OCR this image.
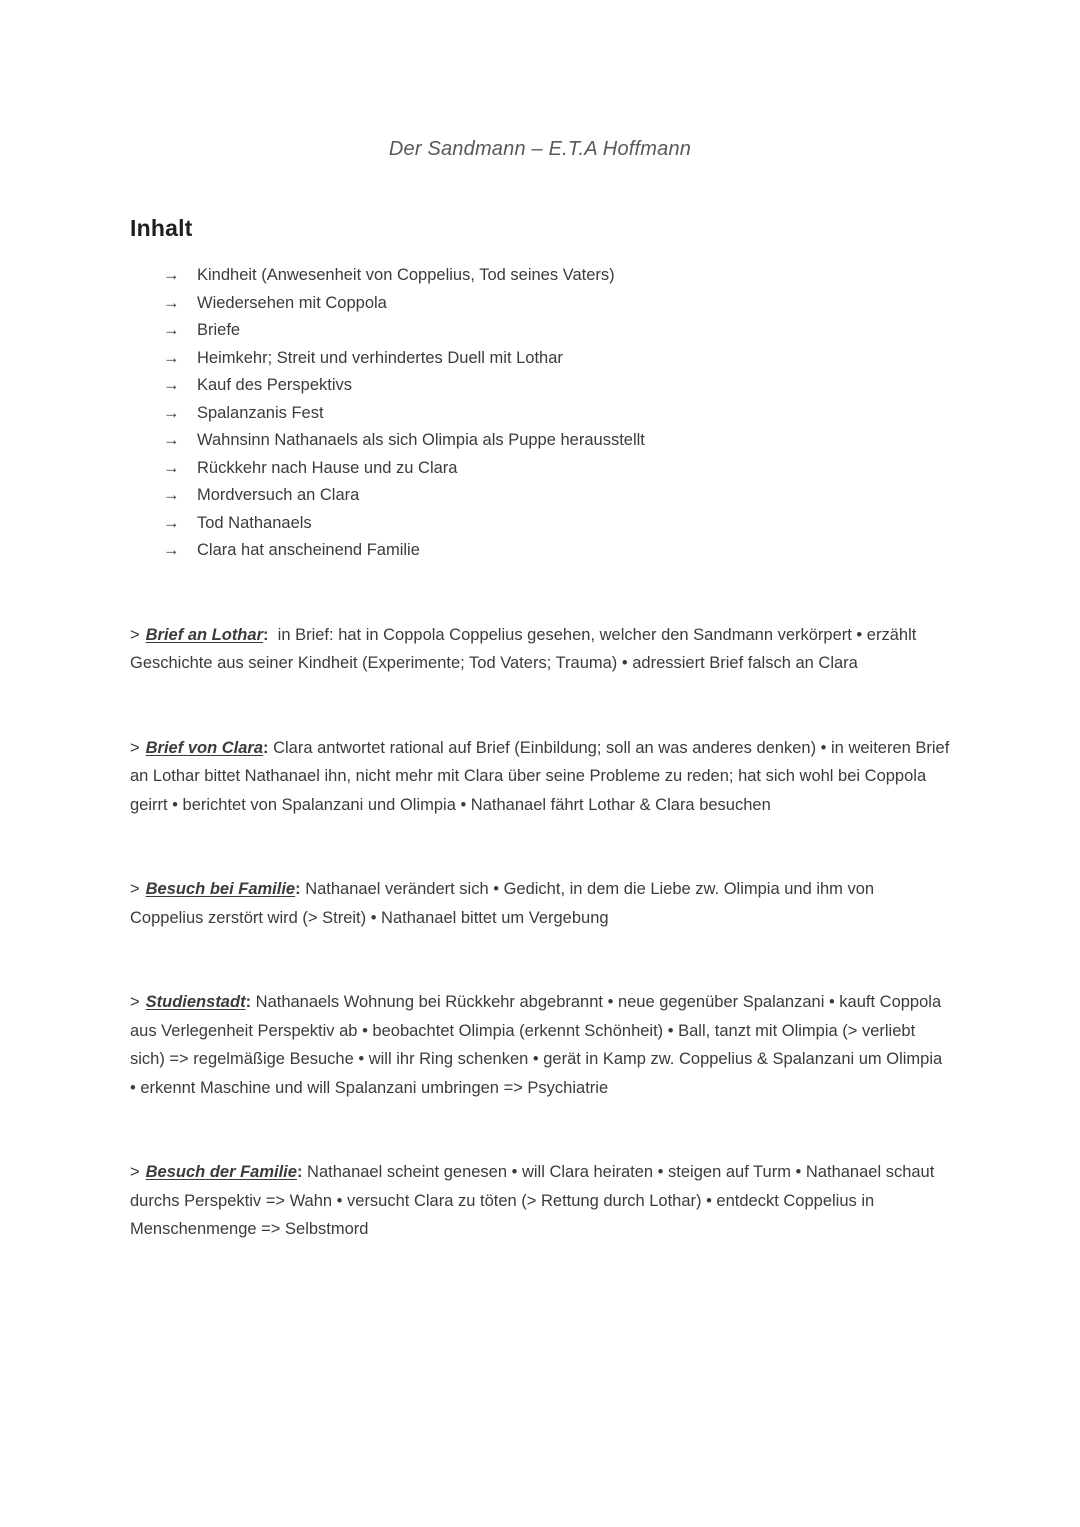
Der Sandmann – E.T.A Hoffmann
Inhalt
→	Kindheit (Anwesenheit von Coppelius, Tod seines Vaters)
→	Wiedersehen mit Coppola
→	Briefe
→	Heimkehr; Streit und verhindertes Duell mit Lothar
→	Kauf des Perspektivs
→	Spalanzanis Fest
→	Wahnsinn Nathanaels als sich Olimpia als Puppe herausstellt
→	Rückkehr nach Hause und zu Clara
→	Mordversuch an Clara
→	Tod Nathanaels
→	Clara hat anscheinend Familie

> Brief an Lothar:  in Brief: hat in Coppola Coppelius gesehen, welcher den Sandmann verkörpert • erzählt Geschichte aus seiner Kindheit (Experimente; Tod Vaters; Trauma) • adressiert Brief falsch an Clara

> Brief von Clara: Clara antwortet rational auf Brief (Einbildung; soll an was anderes denken) • in weiteren Brief an Lothar bittet Nathanael ihn, nicht mehr mit Clara über seine Probleme zu reden; hat sich wohl bei Coppola geirrt • berichtet von Spalanzani und Olimpia • Nathanael fährt Lothar & Clara besuchen

> Besuch bei Familie: Nathanael verändert sich • Gedicht, in dem die Liebe zw. Olimpia und ihm von Coppelius zerstört wird (> Streit) • Nathanael bittet um Vergebung

> Studienstadt: Nathanaels Wohnung bei Rückkehr abgebrannt • neue gegenüber Spalanzani • kauft Coppola aus Verlegenheit Perspektiv ab • beobachtet Olimpia (erkennt Schönheit) • Ball, tanzt mit Olimpia (> verliebt sich) => regelmäßige Besuche • will ihr Ring schenken • gerät in Kamp zw. Coppelius & Spalanzani um Olimpia • erkennt Maschine und will Spalanzani umbringen => Psychiatrie

> Besuch der Familie: Nathanael scheint genesen • will Clara heiraten • steigen auf Turm • Nathanael schaut durchs Perspektiv => Wahn • versucht Clara zu töten (> Rettung durch Lothar) • entdeckt Coppelius in Menschenmenge => Selbstmord
